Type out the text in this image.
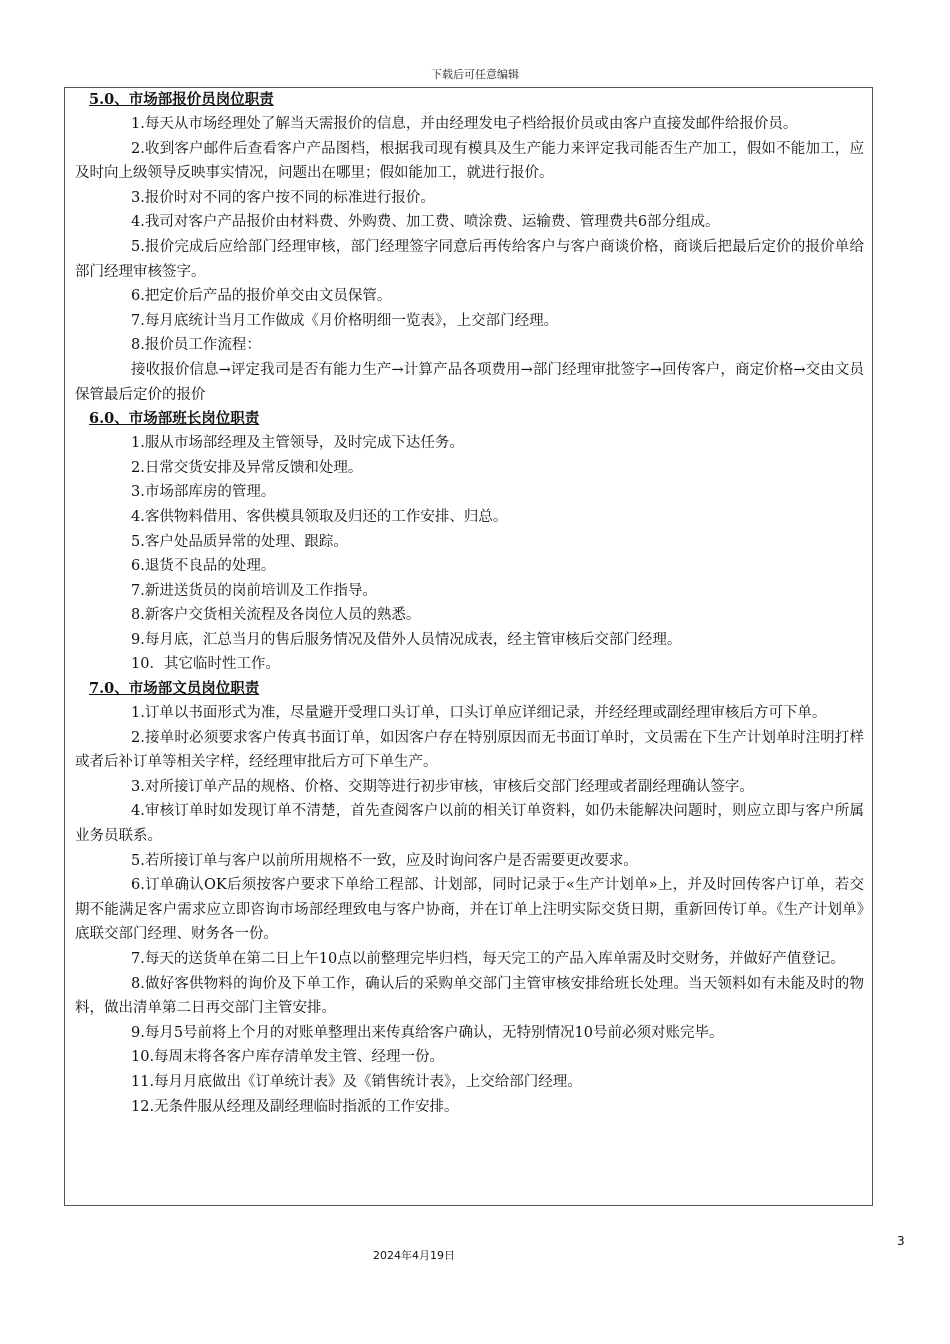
下载后可任意编辑
5.0、市场部报价员岗位职责
1.每天从市场经理处了解当天需报价的信息，并由经理发电子档给报价员或由客户直接发邮件给报价员。
2.收到客户邮件后查看客户产品图档，根据我司现有模具及生产能力来评定我司能否生产加工，假如不能加工，应及时向上级领导反映事实情况，问题出在哪里；假如能加工，就进行报价。
3.报价时对不同的客户按不同的标准进行报价。
4.我司对客户产品报价由材料费、外购费、加工费、喷涂费、运输费、管理费共6部分组成。
5.报价完成后应给部门经理审核，部门经理签字同意后再传给客户与客户商谈价格，商谈后把最后定价的报价单给部门经理审核签字。
6.把定价后产品的报价单交由文员保管。
7.每月底统计当月工作做成《月价格明细一览表》，上交部门经理。
8.报价员工作流程：
接收报价信息→评定我司是否有能力生产→计算产品各项费用→部门经理审批签字→回传客户，商定价格→交由文员保管最后定价的报价
6.0、市场部班长岗位职责
1.服从市场部经理及主管领导，及时完成下达任务。
2.日常交货安排及异常反馈和处理。
3.市场部库房的管理。
4.客供物料借用、客供模具领取及归还的工作安排、归总。
5.客户处品质异常的处理、跟踪。
6.退货不良品的处理。
7.新进送货员的岗前培训及工作指导。
8.新客户交货相关流程及各岗位人员的熟悉。
9.每月底，汇总当月的售后服务情况及借外人员情况成表，经主管审核后交部门经理。
10．其它临时性工作。
7.0、市场部文员岗位职责
1.订单以书面形式为准，尽量避开受理口头订单，口头订单应详细记录，并经经理或副经理审核后方可下单。
2.接单时必须要求客户传真书面订单，如因客户存在特别原因而无书面订单时，文员需在下生产计划单时注明打样或者后补订单等相关字样，经经理审批后方可下单生产。
3.对所接订单产品的规格、价格、交期等进行初步审核，审核后交部门经理或者副经理确认签字。
4.审核订单时如发现订单不清楚，首先查阅客户以前的相关订单资料，如仍未能解决问题时，则应立即与客户所属业务员联系。
5.若所接订单与客户以前所用规格不一致，应及时询问客户是否需要更改要求。
6.订单确认OK后须按客户要求下单给工程部、计划部，同时记录于«生产计划单»上，并及时回传客户订单，若交期不能满足客户需求应立即咨询市场部经理致电与客户协商，并在订单上注明实际交货日期，重新回传订单。《生产计划单》底联交部门经理、财务各一份。
7.每天的送货单在第二日上午10点以前整理完毕归档，每天完工的产品入库单需及时交财务，并做好产值登记。
8.做好客供物料的询价及下单工作，确认后的采购单交部门主管审核安排给班长处理。当天领料如有未能及时的物料，做出清单第二日再交部门主管安排。
9.每月5号前将上个月的对账单整理出来传真给客户确认，无特别情况10号前必须对账完毕。
10.每周末将各客户库存清单发主管、经理一份。
11.每月月底做出《订单统计表》及《销售统计表》，上交给部门经理。
12.无条件服从经理及副经理临时指派的工作安排。
3
2024年4月19日
